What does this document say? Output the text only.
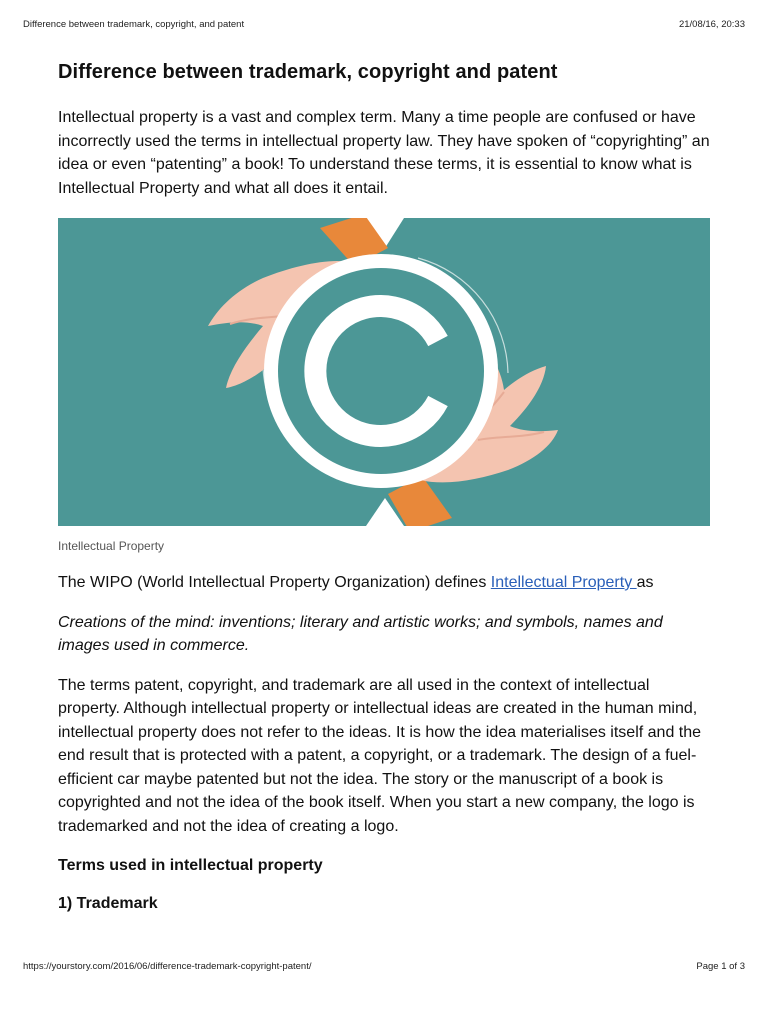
Difference between trademark, copyright, and patent	21/08/16, 20:33
Difference between trademark, copyright and patent

Intellectual property is a vast and complex term. Many a time people are confused or have incorrectly used the terms in intellectual property law. They have spoken of “copyrighting” an idea or even “patenting” a book! To understand these terms, it is essential to know what is Intellectual Property and what all does it entail.

Intellectual Property

The WIPO (World Intellectual Property Organization) defines Intellectual Property as

Creations of the mind: inventions; literary and artistic works; and symbols, names and images used in commerce.

The terms patent, copyright, and trademark are all used in the context of intellectual property. Although intellectual property or intellectual ideas are created in the human mind, intellectual property does not refer to the ideas. It is how the idea materialises itself and the end result that is protected with a patent, a copyright, or a trademark. The design of a fuel-efficient car maybe patented but not the idea. The story or the manuscript of a book is copyrighted and not the idea of the book itself. When you start a new company, the logo is trademarked and not the idea of creating a logo.

Terms used in intellectual property
1) Trademark
https://yourstory.com/2016/06/difference-trademark-copyright-patent/	Page 1 of 3
